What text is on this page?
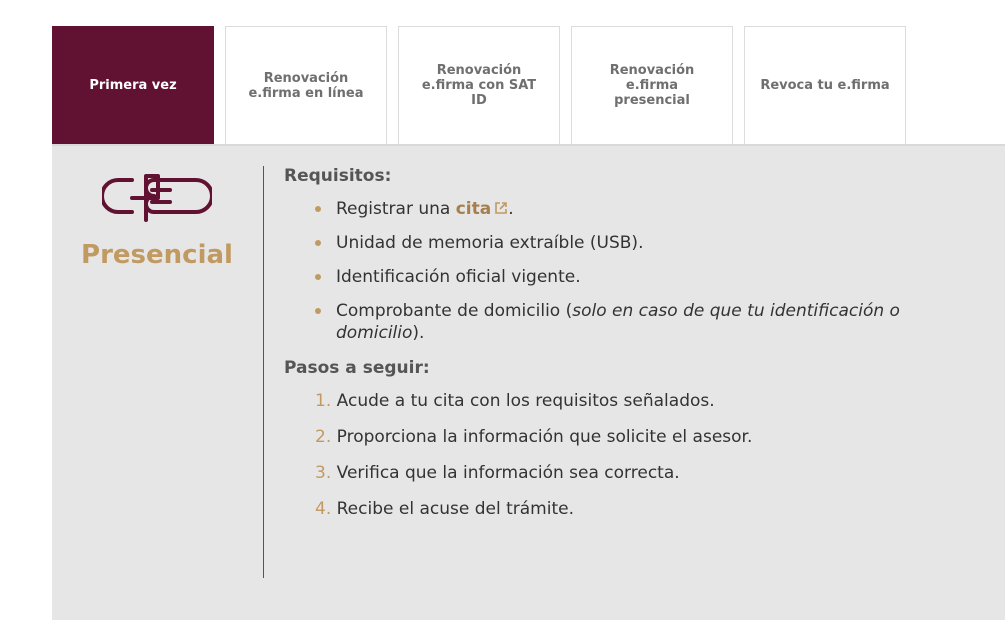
Primera vez	Renovación
e.firma en línea
Renovación
e.firma con SAT
ID
Renovación
e.firma
presencial
Revoca tu e.firma
Presencial
Requisitos:
Registrar una cita .
Unidad de memoria extraíble (USB).
Identificación oficial vigente.
Comprobante de domicilio (solo en caso de que tu identificación o
domicilio).
Pasos a seguir:
1. Acude a tu cita con los requisitos señalados.
2. Proporciona la información que solicite el asesor.
3. Verifica que la información sea correcta.
4. Recibe el acuse del trámite.
